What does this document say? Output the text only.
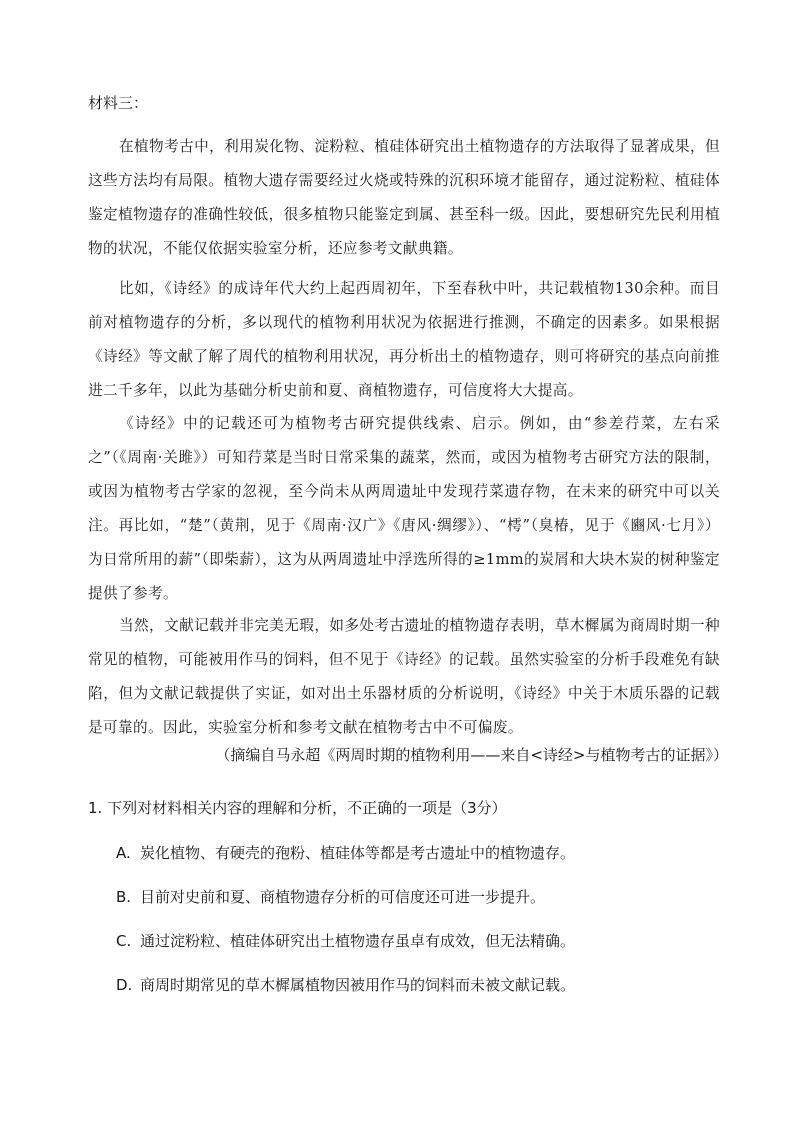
材料三：
在植物考古中，利用炭化物、淀粉粒、植硅体研究出土植物遗存的方法取得了显著成果，但这些方法均有局限。植物大遗存需要经过火烧或特殊的沉积环境才能留存，通过淀粉粒、植硅体鉴定植物遗存的准确性较低，很多植物只能鉴定到属、甚至科一级。因此，要想研究先民利用植物的状况，不能仅依据实验室分析，还应参考文献典籍。
比如，《诗经》的成诗年代大约上起西周初年，下至春秋中叶，共记载植物130余种。而目前对植物遗存的分析，多以现代的植物利用状况为依据进行推测，不确定的因素多。如果根据《诗经》等文献了解了周代的植物利用状况，再分析出土的植物遗存，则可将研究的基点向前推进二千多年，以此为基础分析史前和夏、商植物遗存，可信度将大大提高。
《诗经》中的记载还可为植物考古研究提供线索、启示。例如，由“参差荇菜，左右采之”（《周南·关雎》）可知荇菜是当时日常采集的蔬菜，然而，或因为植物考古研究方法的限制，或因为植物考古学家的忽视，至今尚未从两周遗址中发现荇菜遗存物，在未来的研究中可以关注。再比如，“楚”（黄荆，见于《周南·汉广》《唐风·绸缪》）、“樗”（臭椿，见于《豳风·七月》）为日常所用的薪”（即柴薪），这为从两周遗址中浮选所得的≥1mm的炭屑和大块木炭的树种鉴定提供了参考。
当然，文献记载并非完美无瑕，如多处考古遗址的植物遗存表明，草木樨属为商周时期一种常见的植物，可能被用作马的饲料，但不见于《诗经》的记载。虽然实验室的分析手段难免有缺陷，但为文献记载提供了实证，如对出土乐器材质的分析说明，《诗经》中关于木质乐器的记载是可靠的。因此，实验室分析和参考文献在植物考古中不可偏废。
（摘编自马永超《两周时期的植物利用——来自<诗经>与植物考古的证据》）
1. 下列对材料相关内容的理解和分析，不正确的一项是（3分）
A. 炭化植物、有硬壳的孢粉、植硅体等都是考古遗址中的植物遗存。
B. 目前对史前和夏、商植物遗存分析的可信度还可进一步提升。
C. 通过淀粉粒、植硅体研究出土植物遗存虽卓有成效，但无法精确。
D. 商周时期常见的草木樨属植物因被用作马的饲料而未被文献记载。
